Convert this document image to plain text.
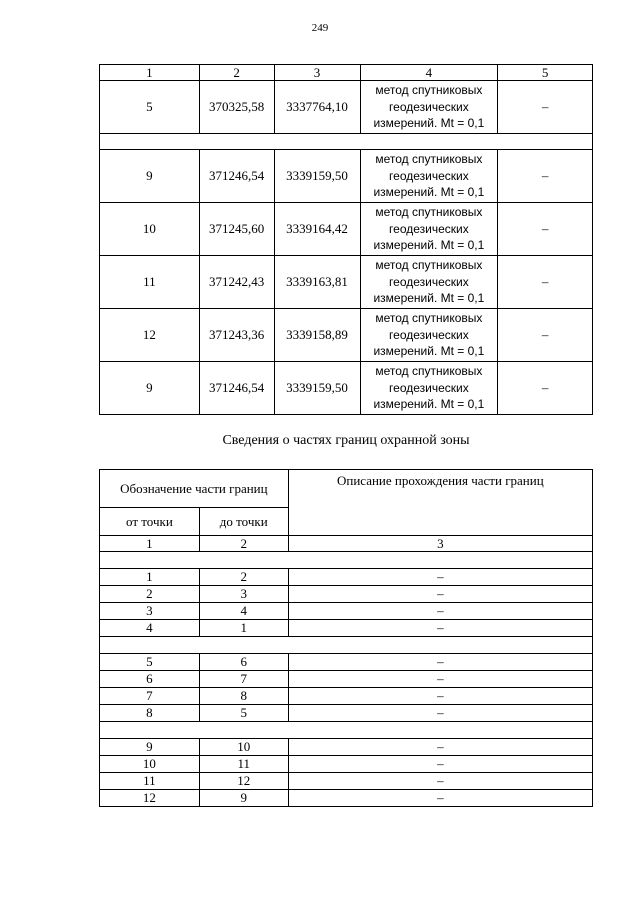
249
1	2	3	4	5
5	370325,58	3337764,10	метод спутниковых
геодезических
измерений. Mt = 0,1	–

9	371246,54	3339159,50	метод спутниковых
геодезических
измерений. Mt = 0,1	–
10	371245,60	3339164,42	метод спутниковых
геодезических
измерений. Mt = 0,1	–
11	371242,43	3339163,81	метод спутниковых
геодезических
измерений. Mt = 0,1	–
12	371243,36	3339158,89	метод спутниковых
геодезических
измерений. Mt = 0,1	–
9	371246,54	3339159,50	метод спутниковых
геодезических
измерений. Mt = 0,1	–
Сведения о частях границ охранной зоны
Обозначение части границ		Описание прохождения части границ
от точки	до точки	
1	2	3

1	2	–
2	3	–
3	4	–
4	1	–

5	6	–
6	7	–
7	8	–
8	5	–

9	10	–
10	11	–
11	12	–
12	9	–
